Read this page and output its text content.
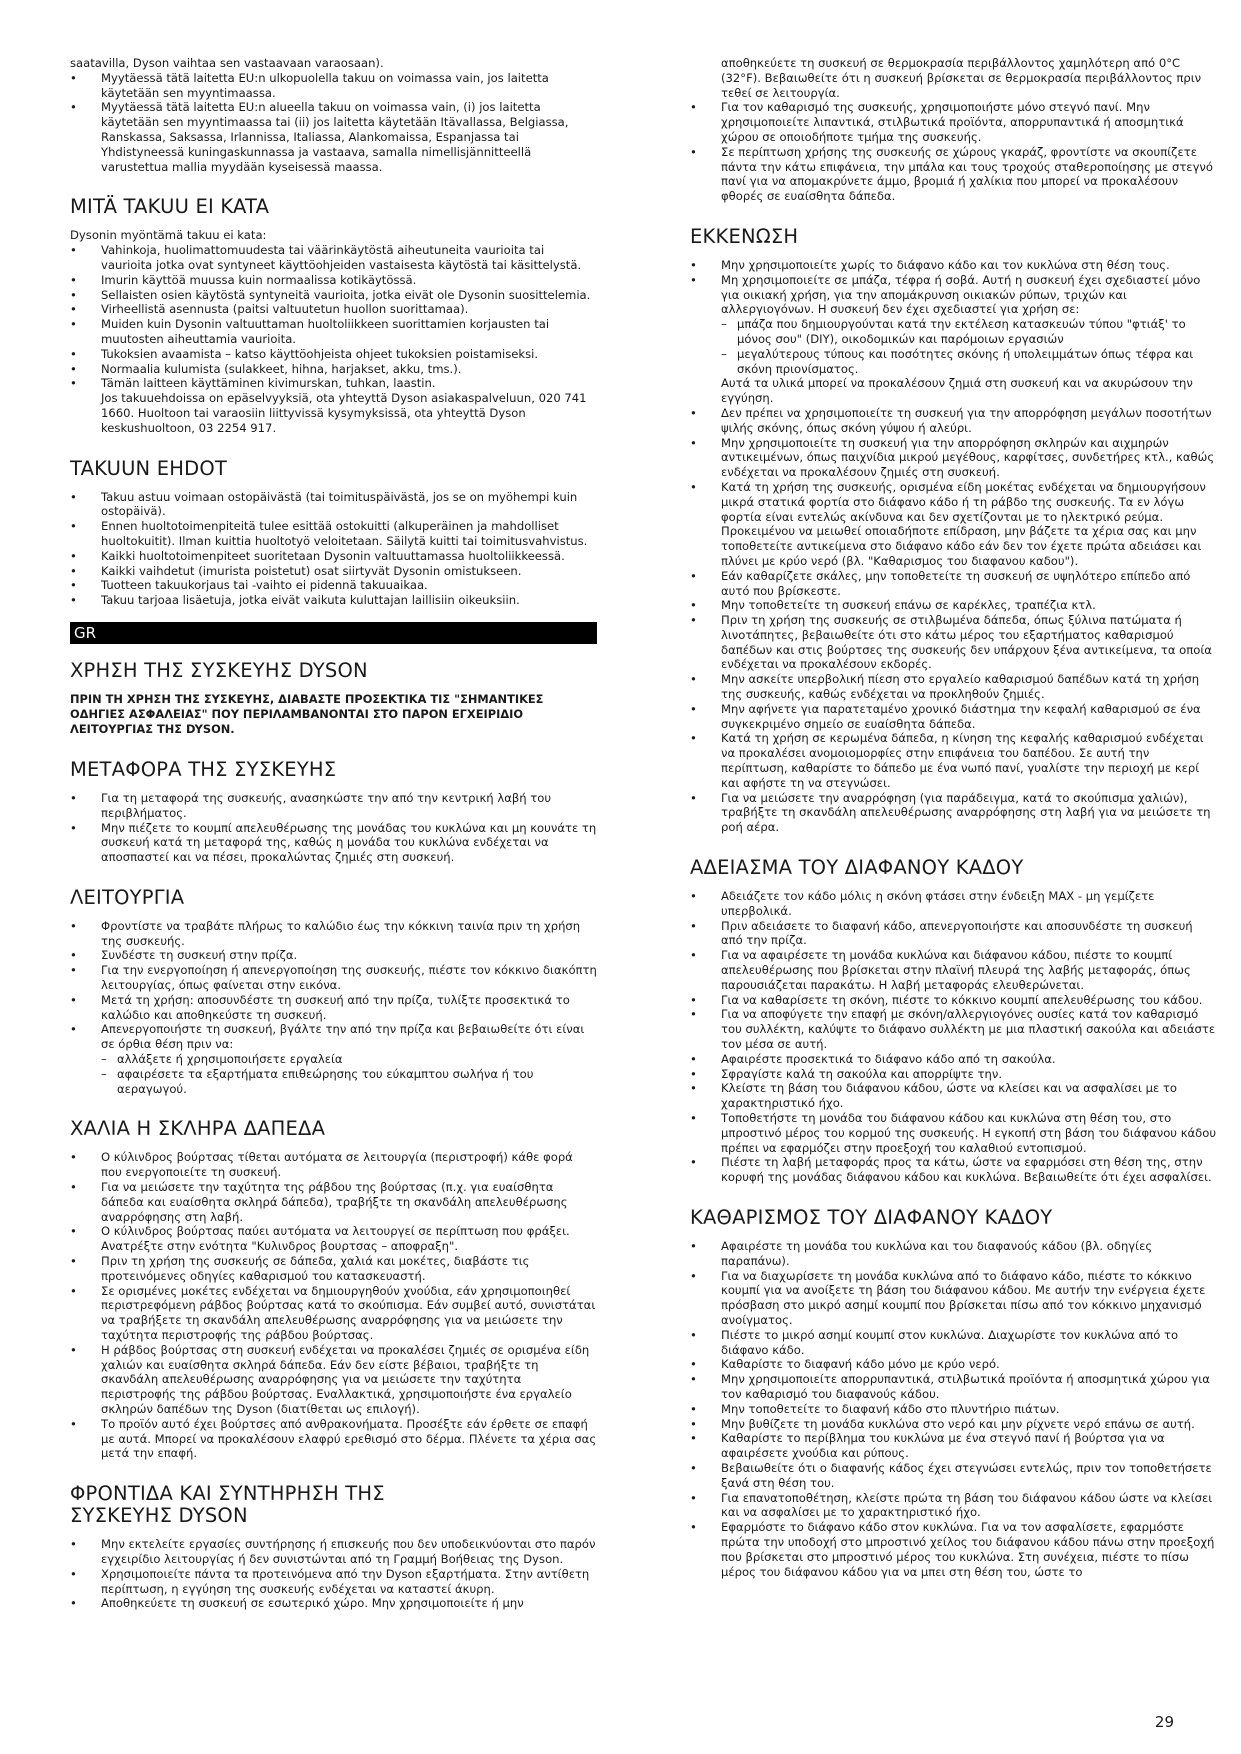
saatavilla, Dyson vaihtaa sen vastaavaan varaosaan).

• Myytäessä tätä laitetta EU:n ulkopuolella takuu on voimassa vain, jos laitetta käytetään sen myyntimaassa.
• Myytäessä tätä laitetta EU:n alueella takuu on voimassa vain, (i) jos laitetta käytetään sen myyntimaassa tai (ii) jos laitetta käytetään Itävallassa, Belgiassa, Ranskassa, Saksassa, Irlannissa, Italiassa, Alankomaissa, Espanjassa tai Yhdistyneessä kuningaskunnassa ja vastaava, samalla nimellisjännitteellä varustettua mallia myydään kyseisessä maassa.
MITÄ TAKUU EI KATA

Dysonin myöntämä takuu ei kata:

• Vahinkoja, huolimattomuudesta tai väärinkäytöstä aiheutuneita vaurioita tai vaurioita jotka ovat syntyneet käyttöohjeiden vastaisesta käytöstä tai käsittelystä.
• Imurin käyttöä muussa kuin normaalissa kotikäytössä.
• Sellaisten osien käytöstä syntyneitä vaurioita, jotka eivät ole Dysonin suosittelemia.
• Virheellistä asennusta (paitsi valtuutetun huollon suorittamaa).
• Muiden kuin Dysonin valtuuttaman huoltoliikkeen suorittamien korjausten tai muutosten aiheuttamia vaurioita.
• Tukoksien avaamista – katso käyttöohjeista ohjeet tukoksien poistamiseksi.
• Normaalia kulumista (sulakkeet, hihna, harjakset, akku, tms.).
• Tämän laitteen käyttäminen kivimurskan, tuhkan, laastin.
Jos takuuehdoissa on epäselvyyksiä, ota yhteyttä Dyson asiakaspalveluun, 020 741 1660. Huoltoon tai varaosiin liittyvissä kysymyksissä, ota yhteyttä Dyson keskushuoltoon, 03 2254 917.
TAKUUN EHDOT
• Takuu astuu voimaan ostopäivästä (tai toimituspäivästä, jos se on myöhempi kuin ostopäivä).
• Ennen huoltotoimenpiteitä tulee esittää ostokuitti (alkuperäinen ja mahdolliset huoltokuitit). Ilman kuittia huoltotyö veloitetaan. Säilytä kuitti tai toimitusvahvistus.
• Kaikki huoltotoimenpiteet suoritetaan Dysonin valtuuttamassa huoltoliikkeessä.
• Kaikki vaihdetut (imurista poistetut) osat siirtyvät Dysonin omistukseen.
• Tuotteen takuukorjaus tai -vaihto ei pidennä takuuaikaa.
• Takuu tarjoaa lisäetuja, jotka eivät vaikuta kuluttajan laillisiin oikeuksiin.
GR
ΧΡΗΣΗ ΤΗΣ ΣΥΣΚΕΥΗΣ DYSON

ΠΡΙΝ ΤΗ ΧΡΗΣΗ ΤΗΣ ΣΥΣΚΕΥΗΣ, ΔΙΑΒΑΣΤΕ ΠΡΟΣΕΚΤΙΚΑ ΤΙΣ "ΣΗΜΑΝΤΙΚΕΣ ΟΔΗΓΙΕΣ ΑΣΦΑΛΕΙΑΣ" ΠΟΥ ΠΕΡΙΛΑΜΒΑΝΟΝΤΑΙ ΣΤΟ ΠΑΡΟΝ ΕΓΧΕΙΡΙΔΙΟ ΛΕΙΤΟΥΡΓΙΑΣ ΤΗΣ DYSON.

ΜΕΤΑΦΟΡΑ ΤΗΣ ΣΥΣΚΕΥΗΣ
• Για τη μεταφορά της συσκευής, ανασηκώστε την από την κεντρική λαβή του περιβλήματος.
• Μην πιέζετε το κουμπί απελευθέρωσης της μονάδας του κυκλώνα και μη κουνάτε τη συσκευή κατά τη μεταφορά της, καθώς η μονάδα του κυκλώνα ενδέχεται να αποσπαστεί και να πέσει, προκαλώντας ζημιές στη συσκευή.
ΛΕΙΤΟΥΡΓΙΑ
• Φροντίστε να τραβάτε πλήρως το καλώδιο έως την κόκκινη ταινία πριν τη χρήση της συσκευής.
• Συνδέστε τη συσκευή στην πρίζα.
• Για την ενεργοποίηση ή απενεργοποίηση της συσκευής, πιέστε τον κόκκινο διακόπτη λειτουργίας, όπως φαίνεται στην εικόνα.
• Μετά τη χρήση: αποσυνδέστε τη συσκευή από την πρίζα, τυλίξτε προσεκτικά το καλώδιο και αποθηκεύστε τη συσκευή.
• Απενεργοποιήστε τη συσκευή, βγάλτε την από την πρίζα και βεβαιωθείτε ότι είναι σε όρθια θέση πριν να:
– αλλάξετε ή χρησιμοποιήσετε εργαλεία
– αφαιρέσετε τα εξαρτήματα επιθεώρησης του εύκαμπτου σωλήνα ή του αεραγωγού.
ΧΑΛΙΑ Η ΣΚΛΗΡΑ ΔΑΠΕΔΑ
• Ο κύλινδρος βούρτσας τίθεται αυτόματα σε λειτουργία (περιστροφή) κάθε φορά που ενεργοποιείτε τη συσκευή.
• Για να μειώσετε την ταχύτητα της ράβδου της βούρτσας (π.χ. για ευαίσθητα δάπεδα και ευαίσθητα σκληρά δάπεδα), τραβήξτε τη σκανδάλη απελευθέρωσης αναρρόφησης στη λαβή.
• Ο κύλινδρος βούρτσας παύει αυτόματα να λειτουργεί σε περίπτωση που φράξει. Ανατρέξτε στην ενότητα "Κυλινδρος βουρτσας – αποφραξη".
• Πριν τη χρήση της συσκευής σε δάπεδα, χαλιά και μοκέτες, διαβάστε τις προτεινόμενες οδηγίες καθαρισμού του κατασκευαστή.
• Σε ορισμένες μοκέτες ενδέχεται να δημιουργηθούν χνούδια, εάν χρησιμοποιηθεί περιστρεφόμενη ράβδος βούρτσας κατά το σκούπισμα. Εάν συμβεί αυτό, συνιστάται να τραβήξετε τη σκανδάλη απελευθέρωσης αναρρόφησης για να μειώσετε την ταχύτητα περιστροφής της ράβδου βούρτσας.
• Η ράβδος βούρτσας στη συσκευή ενδέχεται να προκαλέσει ζημιές σε ορισμένα είδη χαλιών και ευαίσθητα σκληρά δάπεδα. Εάν δεν είστε βέβαιοι, τραβήξτε τη σκανδάλη απελευθέρωσης αναρρόφησης για να μειώσετε την ταχύτητα περιστροφής της ράβδου βούρτσας. Εναλλακτικά, χρησιμοποιήστε ένα εργαλείο σκληρών δαπέδων της Dyson (διατίθεται ως επιλογή).
• Το προϊόν αυτό έχει βούρτσες από ανθρακονήματα. Προσέξτε εάν έρθετε σε επαφή με αυτά. Μπορεί να προκαλέσουν ελαφρύ ερεθισμό στο δέρμα. Πλένετε τα χέρια σας μετά την επαφή.
ΦΡΟΝΤΙΔΑ ΚΑΙ ΣΥΝΤΗΡΗΣΗ ΤΗΣ
ΣΥΣΚΕΥΗΣ DYSON
• Μην εκτελείτε εργασίες συντήρησης ή επισκευής που δεν υποδεικνύονται στο παρόν εγχειρίδιο λειτουργίας ή δεν συνιστώνται από τη Γραμμή Βοήθειας της Dyson.
• Χρησιμοποιείτε πάντα τα προτεινόμενα από την Dyson εξαρτήματα. Στην αντίθετη περίπτωση, η εγγύηση της συσκευής ενδέχεται να καταστεί άκυρη.
• Αποθηκεύετε τη συσκευή σε εσωτερικό χώρο. Μην χρησιμοποιείτε ή μην
αποθηκεύετε τη συσκευή σε θερμοκρασία περιβάλλοντος χαμηλότερη από 0°C (32°F). Βεβαιωθείτε ότι η συσκευή βρίσκεται σε θερμοκρασία περιβάλλοντος πριν τεθεί σε λειτουργία.
• Για τον καθαρισμό της συσκευής, χρησιμοποιήστε μόνο στεγνό πανί. Μην χρησιμοποιείτε λιπαντικά, στιλβωτικά προϊόντα, απορρυπαντικά ή αποσμητικά χώρου σε οποιοδήποτε τμήμα της συσκευής.
• Σε περίπτωση χρήσης της συσκευής σε χώρους γκαράζ, φροντίστε να σκουπίζετε πάντα την κάτω επιφάνεια, την μπάλα και τους τροχούς σταθεροποίησης με στεγνό πανί για να απομακρύνετε άμμο, βρομιά ή χαλίκια που μπορεί να προκαλέσουν φθορές σε ευαίσθητα δάπεδα.
ΕΚΚΕΝΩΣΗ
• Μην χρησιμοποιείτε χωρίς το διάφανο κάδο και τον κυκλώνα στη θέση τους.
• Μη χρησιμοποιείτε σε μπάζα, τέφρα ή σοβά. Αυτή η συσκευή έχει σχεδιαστεί μόνο για οικιακή χρήση, για την απομάκρυνση οικιακών ρύπων, τριχών και αλλεργιογόνων. Η συσκευή δεν έχει σχεδιαστεί για χρήση σε:
– μπάζα που δημιουργούνται κατά την εκτέλεση κατασκευών τύπου "φτιάξ' το μόνος σου" (DIY), οικοδομικών και παρόμοιων εργασιών
– μεγαλύτερους τύπους και ποσότητες σκόνης ή υπολειμμάτων όπως τέφρα και σκόνη πριονίσματος.
Αυτά τα υλικά μπορεί να προκαλέσουν ζημιά στη συσκευή και να ακυρώσουν την εγγύηση.
• Δεν πρέπει να χρησιμοποιείτε τη συσκευή για την απορρόφηση μεγάλων ποσοτήτων ψιλής σκόνης, όπως σκόνη γύψου ή αλεύρι.
• Μην χρησιμοποιείτε τη συσκευή για την απορρόφηση σκληρών και αιχμηρών αντικειμένων, όπως παιχνίδια μικρού μεγέθους, καρφίτσες, συνδετήρες κτλ., καθώς ενδέχεται να προκαλέσουν ζημιές στη συσκευή.
• Κατά τη χρήση της συσκευής, ορισμένα είδη μοκέτας ενδέχεται να δημιουργήσουν μικρά στατικά φορτία στο διάφανο κάδο ή τη ράβδο της συσκευής. Τα εν λόγω φορτία είναι εντελώς ακίνδυνα και δεν σχετίζονται με το ηλεκτρικό ρεύμα. Προκειμένου να μειωθεί οποιαδήποτε επίδραση, μην βάζετε τα χέρια σας και μην τοποθετείτε αντικείμενα στο διάφανο κάδο εάν δεν τον έχετε πρώτα αδειάσει και πλύνει με κρύο νερό (βλ. "Καθαρισμος του διαφανου καδου").
• Εάν καθαρίζετε σκάλες, μην τοποθετείτε τη συσκευή σε υψηλότερο επίπεδο από αυτό που βρίσκεστε.
• Μην τοποθετείτε τη συσκευή επάνω σε καρέκλες, τραπέζια κτλ.
• Πριν τη χρήση της συσκευής σε στιλβωμένα δάπεδα, όπως ξύλινα πατώματα ή λινοτάπητες, βεβαιωθείτε ότι στο κάτω μέρος του εξαρτήματος καθαρισμού δαπέδων και στις βούρτσες της συσκευής δεν υπάρχουν ξένα αντικείμενα, τα οποία ενδέχεται να προκαλέσουν εκδορές.
• Μην ασκείτε υπερβολική πίεση στο εργαλείο καθαρισμού δαπέδων κατά τη χρήση της συσκευής, καθώς ενδέχεται να προκληθούν ζημιές.
• Μην αφήνετε για παρατεταμένο χρονικό διάστημα την κεφαλή καθαρισμού σε ένα συγκεκριμένο σημείο σε ευαίσθητα δάπεδα.
• Κατά τη χρήση σε κερωμένα δάπεδα, η κίνηση της κεφαλής καθαρισμού ενδέχεται να προκαλέσει ανομοιομορφίες στην επιφάνεια του δαπέδου. Σε αυτή την περίπτωση, καθαρίστε το δάπεδο με ένα νωπό πανί, γυαλίστε την περιοχή με κερί και αφήστε τη να στεγνώσει.
• Για να μειώσετε την αναρρόφηση (για παράδειγμα, κατά το σκούπισμα χαλιών), τραβήξτε τη σκανδάλη απελευθέρωσης αναρρόφησης στη λαβή για να μειώσετε τη ροή αέρα.
ΑΔΕΙΑΣΜΑ ΤΟΥ ΔΙΑΦΑΝΟΥ ΚΑΔΟΥ
• Αδειάζετε τον κάδο μόλις η σκόνη φτάσει στην ένδειξη MAX - μη γεμίζετε υπερβολικά.
• Πριν αδειάσετε το διαφανή κάδο, απενεργοποιήστε και αποσυνδέστε τη συσκευή από την πρίζα.
• Για να αφαιρέσετε τη μονάδα κυκλώνα και διάφανου κάδου, πιέστε το κουμπί απελευθέρωσης που βρίσκεται στην πλαϊνή πλευρά της λαβής μεταφοράς, όπως παρουσιάζεται παρακάτω. Η λαβή μεταφοράς ελευθερώνεται.
• Για να καθαρίσετε τη σκόνη, πιέστε το κόκκινο κουμπί απελευθέρωσης του κάδου.
• Για να αποφύγετε την επαφή με σκόνη/αλλεργιογόνες ουσίες κατά τον καθαρισμό του συλλέκτη, καλύψτε το διάφανο συλλέκτη με μια πλαστική σακούλα και αδειάστε τον μέσα σε αυτή.
• Αφαιρέστε προσεκτικά το διάφανο κάδο από τη σακούλα.
• Σφραγίστε καλά τη σακούλα και απορρίψτε την.
• Κλείστε τη βάση του διάφανου κάδου, ώστε να κλείσει και να ασφαλίσει με το χαρακτηριστικό ήχο.
• Τοποθετήστε τη μονάδα του διάφανου κάδου και κυκλώνα στη θέση του, στο μπροστινό μέρος του κορμού της συσκευής. Η εγκοπή στη βάση του διάφανου κάδου πρέπει να εφαρμόζει στην προεξοχή του καλαθιού εντοπισμού.
• Πιέστε τη λαβή μεταφοράς προς τα κάτω, ώστε να εφαρμόσει στη θέση της, στην κορυφή της μονάδας διάφανου κάδου και κυκλώνα. Βεβαιωθείτε ότι έχει ασφαλίσει.
ΚΑΘΑΡΙΣΜΟΣ ΤΟΥ ΔΙΑΦΑΝΟΥ ΚΑΔΟΥ
• Αφαιρέστε τη μονάδα του κυκλώνα και του διαφανούς κάδου (βλ. οδηγίες παραπάνω).
• Για να διαχωρίσετε τη μονάδα κυκλώνα από το διάφανο κάδο, πιέστε το κόκκινο κουμπί για να ανοίξετε τη βάση του διάφανου κάδου. Με αυτήν την ενέργεια έχετε πρόσβαση στο μικρό ασημί κουμπί που βρίσκεται πίσω από τον κόκκινο μηχανισμό ανοίγματος.
• Πιέστε το μικρό ασημί κουμπί στον κυκλώνα. Διαχωρίστε τον κυκλώνα από το διάφανο κάδο.
• Καθαρίστε το διαφανή κάδο μόνο με κρύο νερό.
• Μην χρησιμοποιείτε απορρυπαντικά, στιλβωτικά προϊόντα ή αποσμητικά χώρου για τον καθαρισμό του διαφανούς κάδου.
• Μην τοποθετείτε το διαφανή κάδο στο πλυντήριο πιάτων.
• Μην βυθίζετε τη μονάδα κυκλώνα στο νερό και μην ρίχνετε νερό επάνω σε αυτή.
• Καθαρίστε το περίβλημα του κυκλώνα με ένα στεγνό πανί ή βούρτσα για να αφαιρέσετε χνούδια και ρύπους.
• Βεβαιωθείτε ότι ο διαφανής κάδος έχει στεγνώσει εντελώς, πριν τον τοποθετήσετε ξανά στη θέση του.
• Για επανατοποθέτηση, κλείστε πρώτα τη βάση του διάφανου κάδου ώστε να κλείσει και να ασφαλίσει με το χαρακτηριστικό ήχο.
• Εφαρμόστε το διάφανο κάδο στον κυκλώνα. Για να τον ασφαλίσετε, εφαρμόστε πρώτα την υποδοχή στο μπροστινό χείλος του διάφανου κάδου πάνω στην προεξοχή που βρίσκεται στο μπροστινό μέρος του κυκλώνα. Στη συνέχεια, πιέστε το πίσω μέρος του διάφανου κάδου για να μπει στη θέση του, ώστε το
29
